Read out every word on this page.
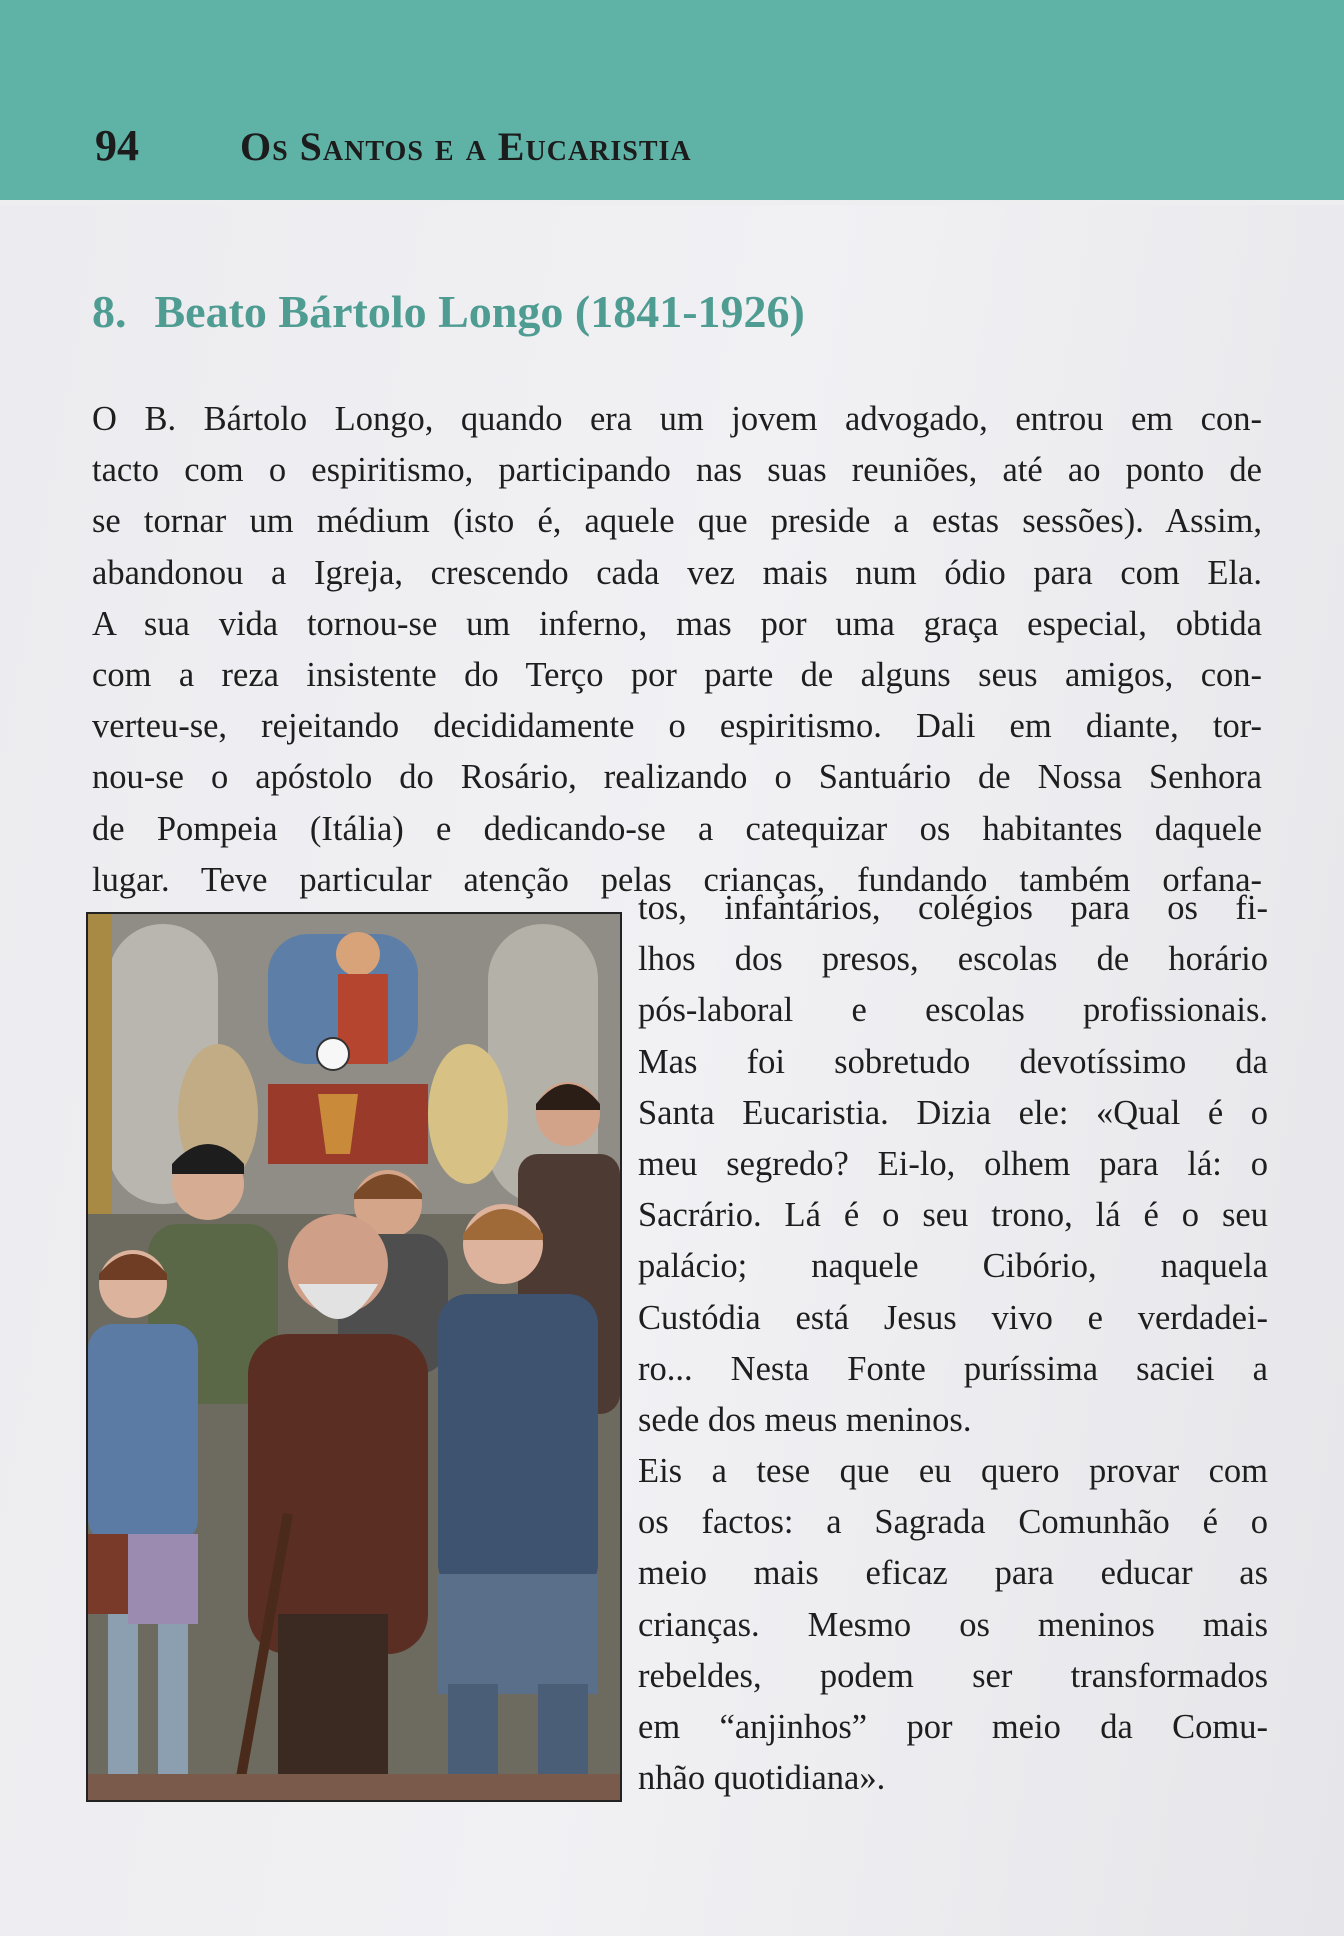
94	Os Santos e a Eucaristia
8. Beato Bártolo Longo (1841-1926)
O B. Bártolo Longo, quando era um jovem advogado, entrou em con-
tacto com o espiritismo, participando nas suas reuniões, até ao ponto de
se tornar um médium (isto é, aquele que preside a estas sessões). Assim,
abandonou a Igreja, crescendo cada vez mais num ódio para com Ela.
A sua vida tornou-se um inferno, mas por uma graça especial, obtida
com a reza insistente do Terço por parte de alguns seus amigos, con-
verteu-se, rejeitando decididamente o espiritismo. Dali em diante, tor-
nou-se o apóstolo do Rosário, realizando o Santuário de Nossa Senhora
de Pompeia (Itália) e dedicando-se a catequizar os habitantes daquele
lugar. Teve particular atenção pelas crianças, fundando também orfana-
tos, infantários, colégios para os fi-
lhos dos presos, escolas de horário
pós-laboral e escolas profissionais.
Mas foi sobretudo devotíssimo da
Santa Eucaristia. Dizia ele: «Qual é o
meu segredo? Ei-lo, olhem para lá: o
Sacrário. Lá é o seu trono, lá é o seu
palácio; naquele Cibório, naquela
Custódia está Jesus vivo e verdadei-
ro... Nesta Fonte puríssima saciei a
sede dos meus meninos.
Eis a tese que eu quero provar com
os factos: a Sagrada Comunhão é o
meio mais eficaz para educar as
crianças. Mesmo os meninos mais
rebeldes, podem ser transformados
em “anjinhos” por meio da Comu-
nhão quotidiana».
